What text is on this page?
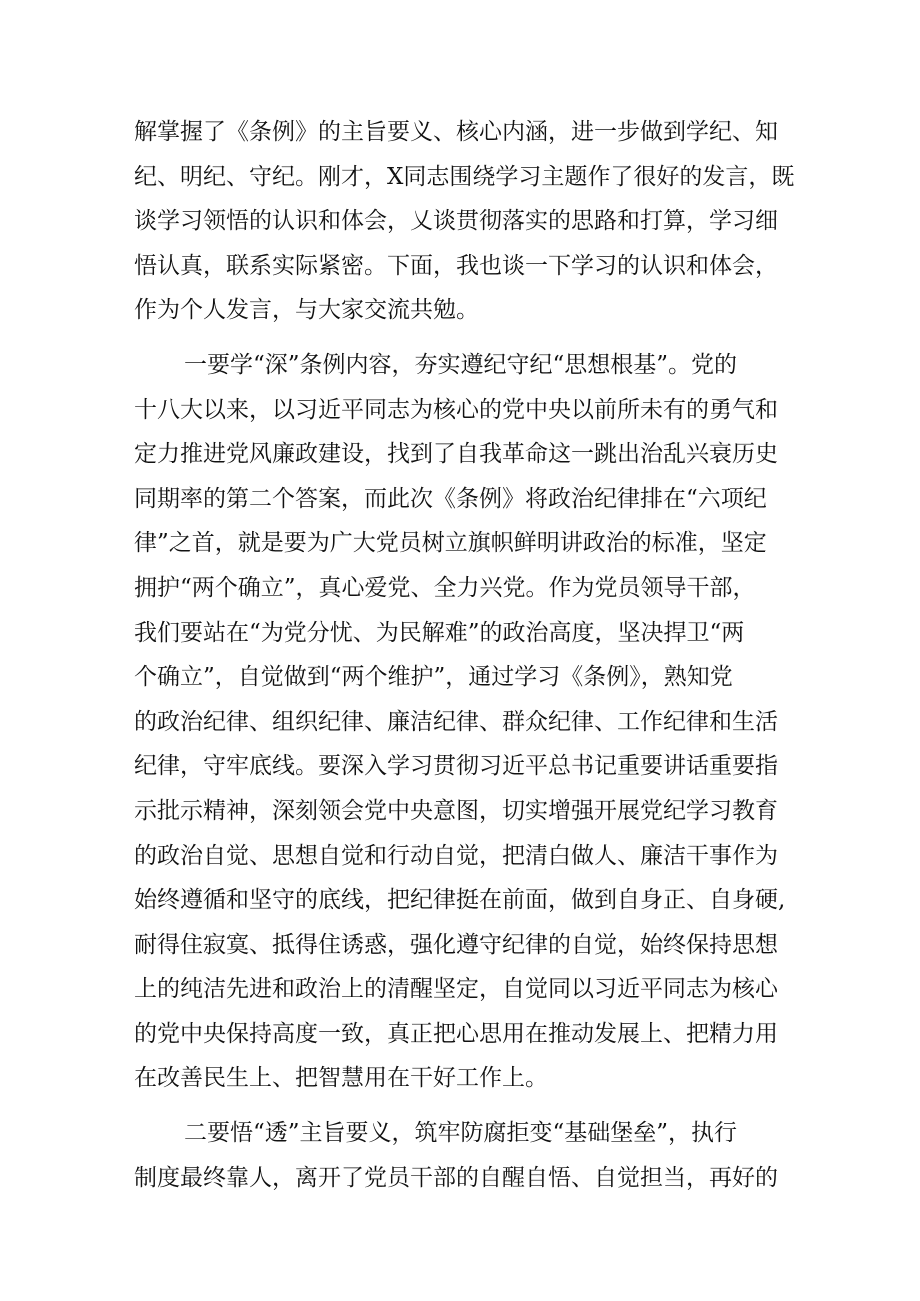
解掌握了《条例》的主旨要义、核心内涵，进一步做到学纪、知
纪、明纪、守纪。刚才，X同志围绕学习主题作了很好的发言，既
谈学习领悟的认识和体会，乂谈贯彻落实的思路和打算，学习细
悟认真，联系实际紧密。下面，我也谈一下学习的认识和体会，
作为个人发言，与大家交流共勉。
一要学“深”条例内容，夯实遵纪守纪“思想根基”。党的
十八大以来，以习近平同志为核心的党中央以前所未有的勇气和
定力推进党风廉政建设，找到了自我革命这一跳出治乱兴衰历史
同期率的第二个答案，而此次《条例》将政治纪律排在“六项纪
律”之首，就是要为广大党员树立旗帜鲜明讲政治的标准，坚定
拥护“两个确立”，真心爱党、全力兴党。作为党员领导干部，
我们要站在“为党分忧、为民解难”的政治高度，坚决捍卫“两
个确立”，自觉做到“两个维护”，通过学习《条例》，熟知党
的政治纪律、组织纪律、廉洁纪律、群众纪律、工作纪律和生活
纪律，守牢底线。要深入学习贯彻习近平总书记重要讲话重要指
示批示精神，深刻领会党中央意图，切实增强开展党纪学习教育
的政治自觉、思想自觉和行动自觉，把清白做人、廉洁干事作为
始终遵循和坚守的底线，把纪律挺在前面，做到自身正、自身硬,
耐得住寂寞、抵得住诱惑，强化遵守纪律的自觉，始终保持思想
上的纯洁先进和政治上的清醒坚定，自觉同以习近平同志为核心
的党中央保持高度一致，真正把心思用在推动发展上、把精力用
在改善民生上、把智慧用在干好工作上。
二要悟“透”主旨要义，筑牢防腐拒变“基础堡垒”，执行
制度最终靠人，离开了党员干部的自醒自悟、自觉担当，再好的
